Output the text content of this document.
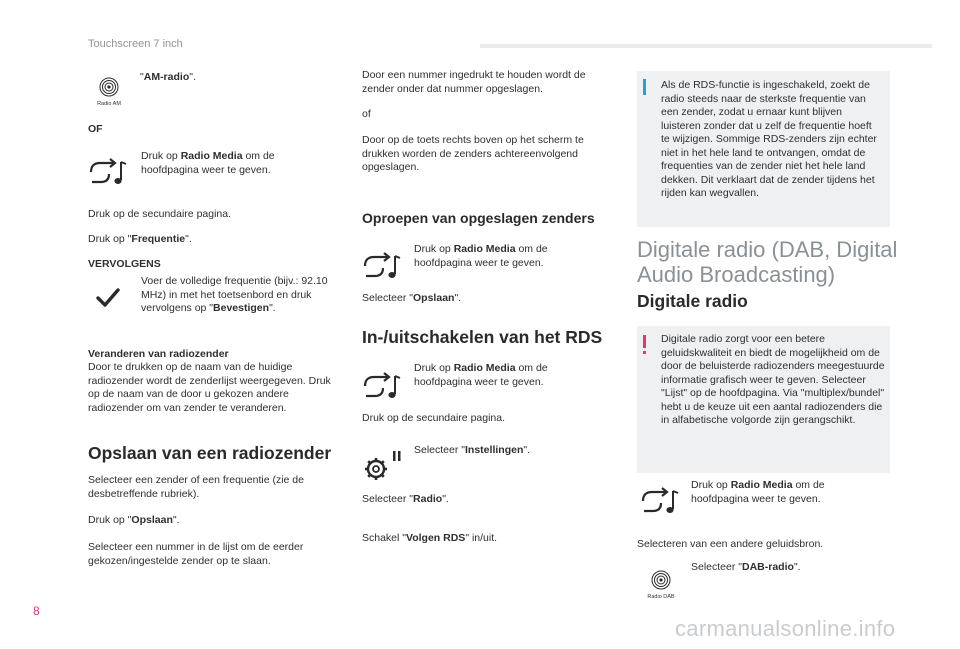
Touchscreen 7 inch
Radio AM
"AM-radio".
OF
Druk op Radio Media om de hoofdpagina weer te geven.
Druk op de secundaire pagina.
Druk op "Frequentie".
VERVOLGENS
Voer de volledige frequentie (bijv.: 92.10 MHz) in met het toetsenbord en druk vervolgens op "Bevestigen".
Veranderen van radiozender
Door te drukken op de naam van de huidige radiozender wordt de zenderlijst weergegeven. Druk op de naam van de door u gekozen andere radiozender om van zender te veranderen.
Opslaan van een radiozender
Selecteer een zender of een frequentie (zie de desbetreffende rubriek).
Druk op "Opslaan".
Selecteer een nummer in de lijst om de eerder gekozen/ingestelde zender op te slaan.
Door een nummer ingedrukt te houden wordt de zender onder dat nummer opgeslagen.
of
Door op de toets rechts boven op het scherm te drukken worden de zenders achtereenvolgend opgeslagen.
Oproepen van opgeslagen zenders
Druk op Radio Media om de hoofdpagina weer te geven.
Selecteer "Opslaan".
In-/uitschakelen van het RDS
Druk op Radio Media om de hoofdpagina weer te geven.
Druk op de secundaire pagina.
Selecteer "Instellingen".
Selecteer "Radio".
Schakel "Volgen RDS" in/uit.
Als de RDS-functie is ingeschakeld, zoekt de radio steeds naar de sterkste frequentie van een zender, zodat u ernaar kunt blijven luisteren zonder dat u zelf de frequentie hoeft te wijzigen. Sommige RDS-zenders zijn echter niet in het hele land te ontvangen, omdat de frequenties van de zender niet het hele land dekken. Dit verklaart dat de zender tijdens het rijden kan wegvallen.
Digitale radio (DAB, Digital Audio Broadcasting)
Digitale radio
Digitale radio zorgt voor een betere geluidskwaliteit en biedt de mogelijkheid om de door de beluisterde radiozenders meegestuurde informatie grafisch weer te geven. Selecteer "Lijst" op de hoofdpagina. Via "multiplex/bundel" hebt u de keuze uit een aantal radiozenders die in alfabetische volgorde zijn gerangschikt.
Druk op Radio Media om de hoofdpagina weer te geven.
Selecteren van een andere geluidsbron.
Radio DAB
Selecteer "DAB-radio".
8
carmanualsonline.info
